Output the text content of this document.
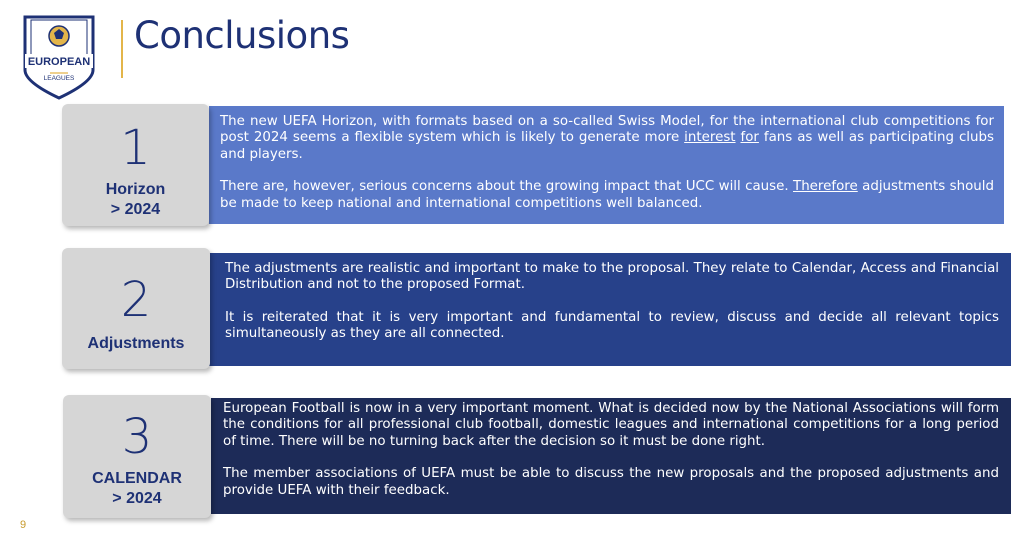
EUROPEAN
LEAGUES
Conclusions

The new UEFA Horizon, with formats based on a so-called Swiss Model, for the international club competitions for post 2024 seems a flexible system which is likely to generate more interest for fans as well as participating clubs and players.

There are, however, serious concerns about the growing impact that UCC will cause. Therefore adjustments should be made to keep national and international competitions well balanced.

1
Horizon
> 2024

The adjustments are realistic and important to make to the proposal. They relate to Calendar, Access and Financial Distribution and not to the proposed Format.

It is reiterated that it is very important and fundamental to review, discuss and decide all relevant topics simultaneously as they are all connected.

2
Adjustments

European Football is now in a very important moment. What is decided now by the National Associations will form the conditions for all professional club football, domestic leagues and international competitions for a long period of time. There will be no turning back after the decision so it must be done right.

The member associations of UEFA must be able to discuss the new proposals and the proposed adjustments and provide UEFA with their feedback.

3
CALENDAR
> 2024
9
